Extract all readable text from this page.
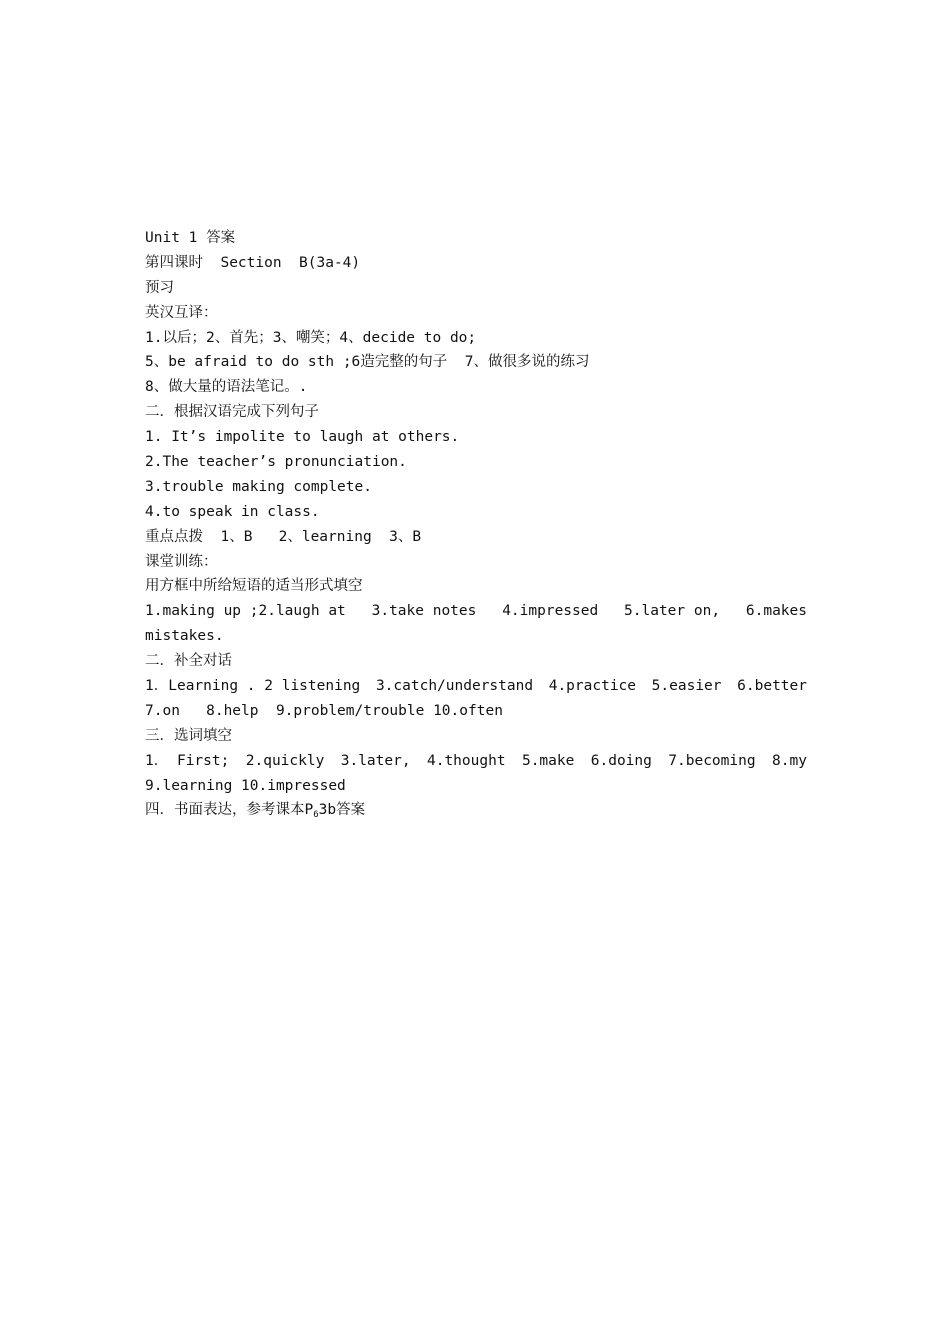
Unit 1 答案
第四课时  Section  B(3a-4)
预习
英汉互译：
1.以后；2、首先；3、嘲笑；4、decide to do;
5、be afraid to do sth ;6造完整的句子  7、做很多说的练习
8、做大量的语法笔记。.
二．根据汉语完成下列句子
1. It’s impolite to laugh at others.
2.The teacher’s pronunciation.
3.trouble making complete.
4.to speak in class.
重点点拨  1、B   2、learning  3、B
课堂训练：
用方框中所给短语的适当形式填空
1.making up ;2.laugh at 3.take notes 4.impressed 5.later on, 6.makes
mistakes.
二．补全对话
1．Learning . 2 listening 3.catch/understand 4.practice 5.easier 6.better
7.on   8.help  9.problem/trouble 10.often
三．选词填空
1． First; 2.quickly 3.later, 4.thought 5.make 6.doing 7.becoming 8.my
9.learning 10.impressed
四．书面表达，参考课本$P_63b$答案
